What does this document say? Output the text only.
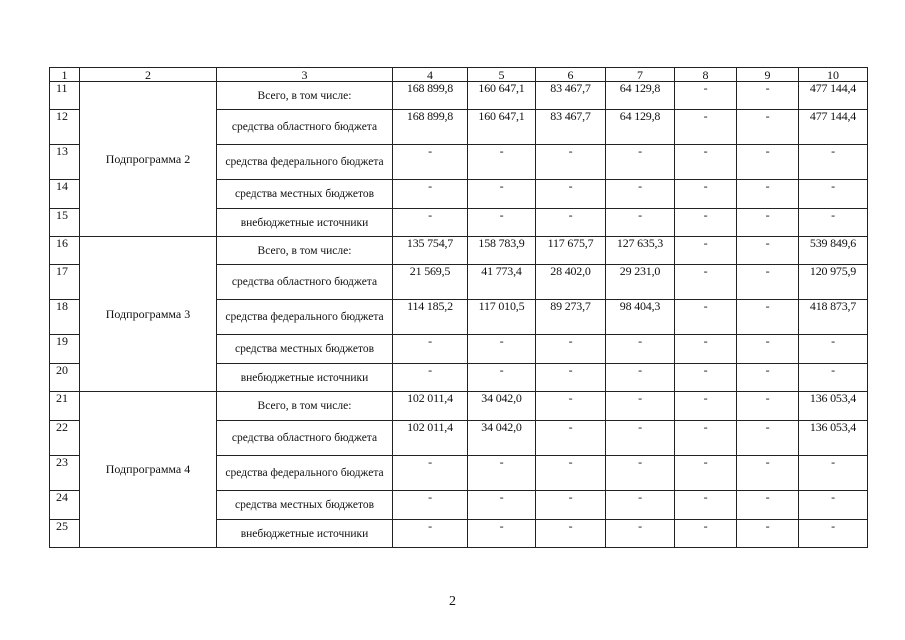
1	2	3	4	5	6	7	8	9	10
11	Подпрограмма 2	Всего, в том числе:	168 899,8	160 647,1	83 467,7	64 129,8	-	-	477 144,4
12		средства областного бюджета	168 899,8	160 647,1	83 467,7	64 129,8	-	-	477 144,4
13		средства федерального бюджета	-	-	-	-	-	-	-
14		средства местных бюджетов	-	-	-	-	-	-	-
15		внебюджетные источники	-	-	-	-	-	-	-
16	Подпрограмма 3	Всего, в том числе:	135 754,7	158 783,9	117 675,7	127 635,3	-	-	539 849,6
17		средства областного бюджета	21 569,5	41 773,4	28 402,0	29 231,0	-	-	120 975,9
18		средства федерального бюджета	114 185,2	117 010,5	89 273,7	98 404,3	-	-	418 873,7
19		средства местных бюджетов	-	-	-	-	-	-	-
20		внебюджетные источники	-	-	-	-	-	-	-
21	Подпрограмма 4	Всего, в том числе:	102 011,4	34 042,0	-	-	-	-	136 053,4
22		средства областного бюджета	102 011,4	34 042,0	-	-	-	-	136 053,4
23		средства федерального бюджета	-	-	-	-	-	-	-
24		средства местных бюджетов	-	-	-	-	-	-	-
25		внебюджетные источники	-	-	-	-	-	-	-
2
